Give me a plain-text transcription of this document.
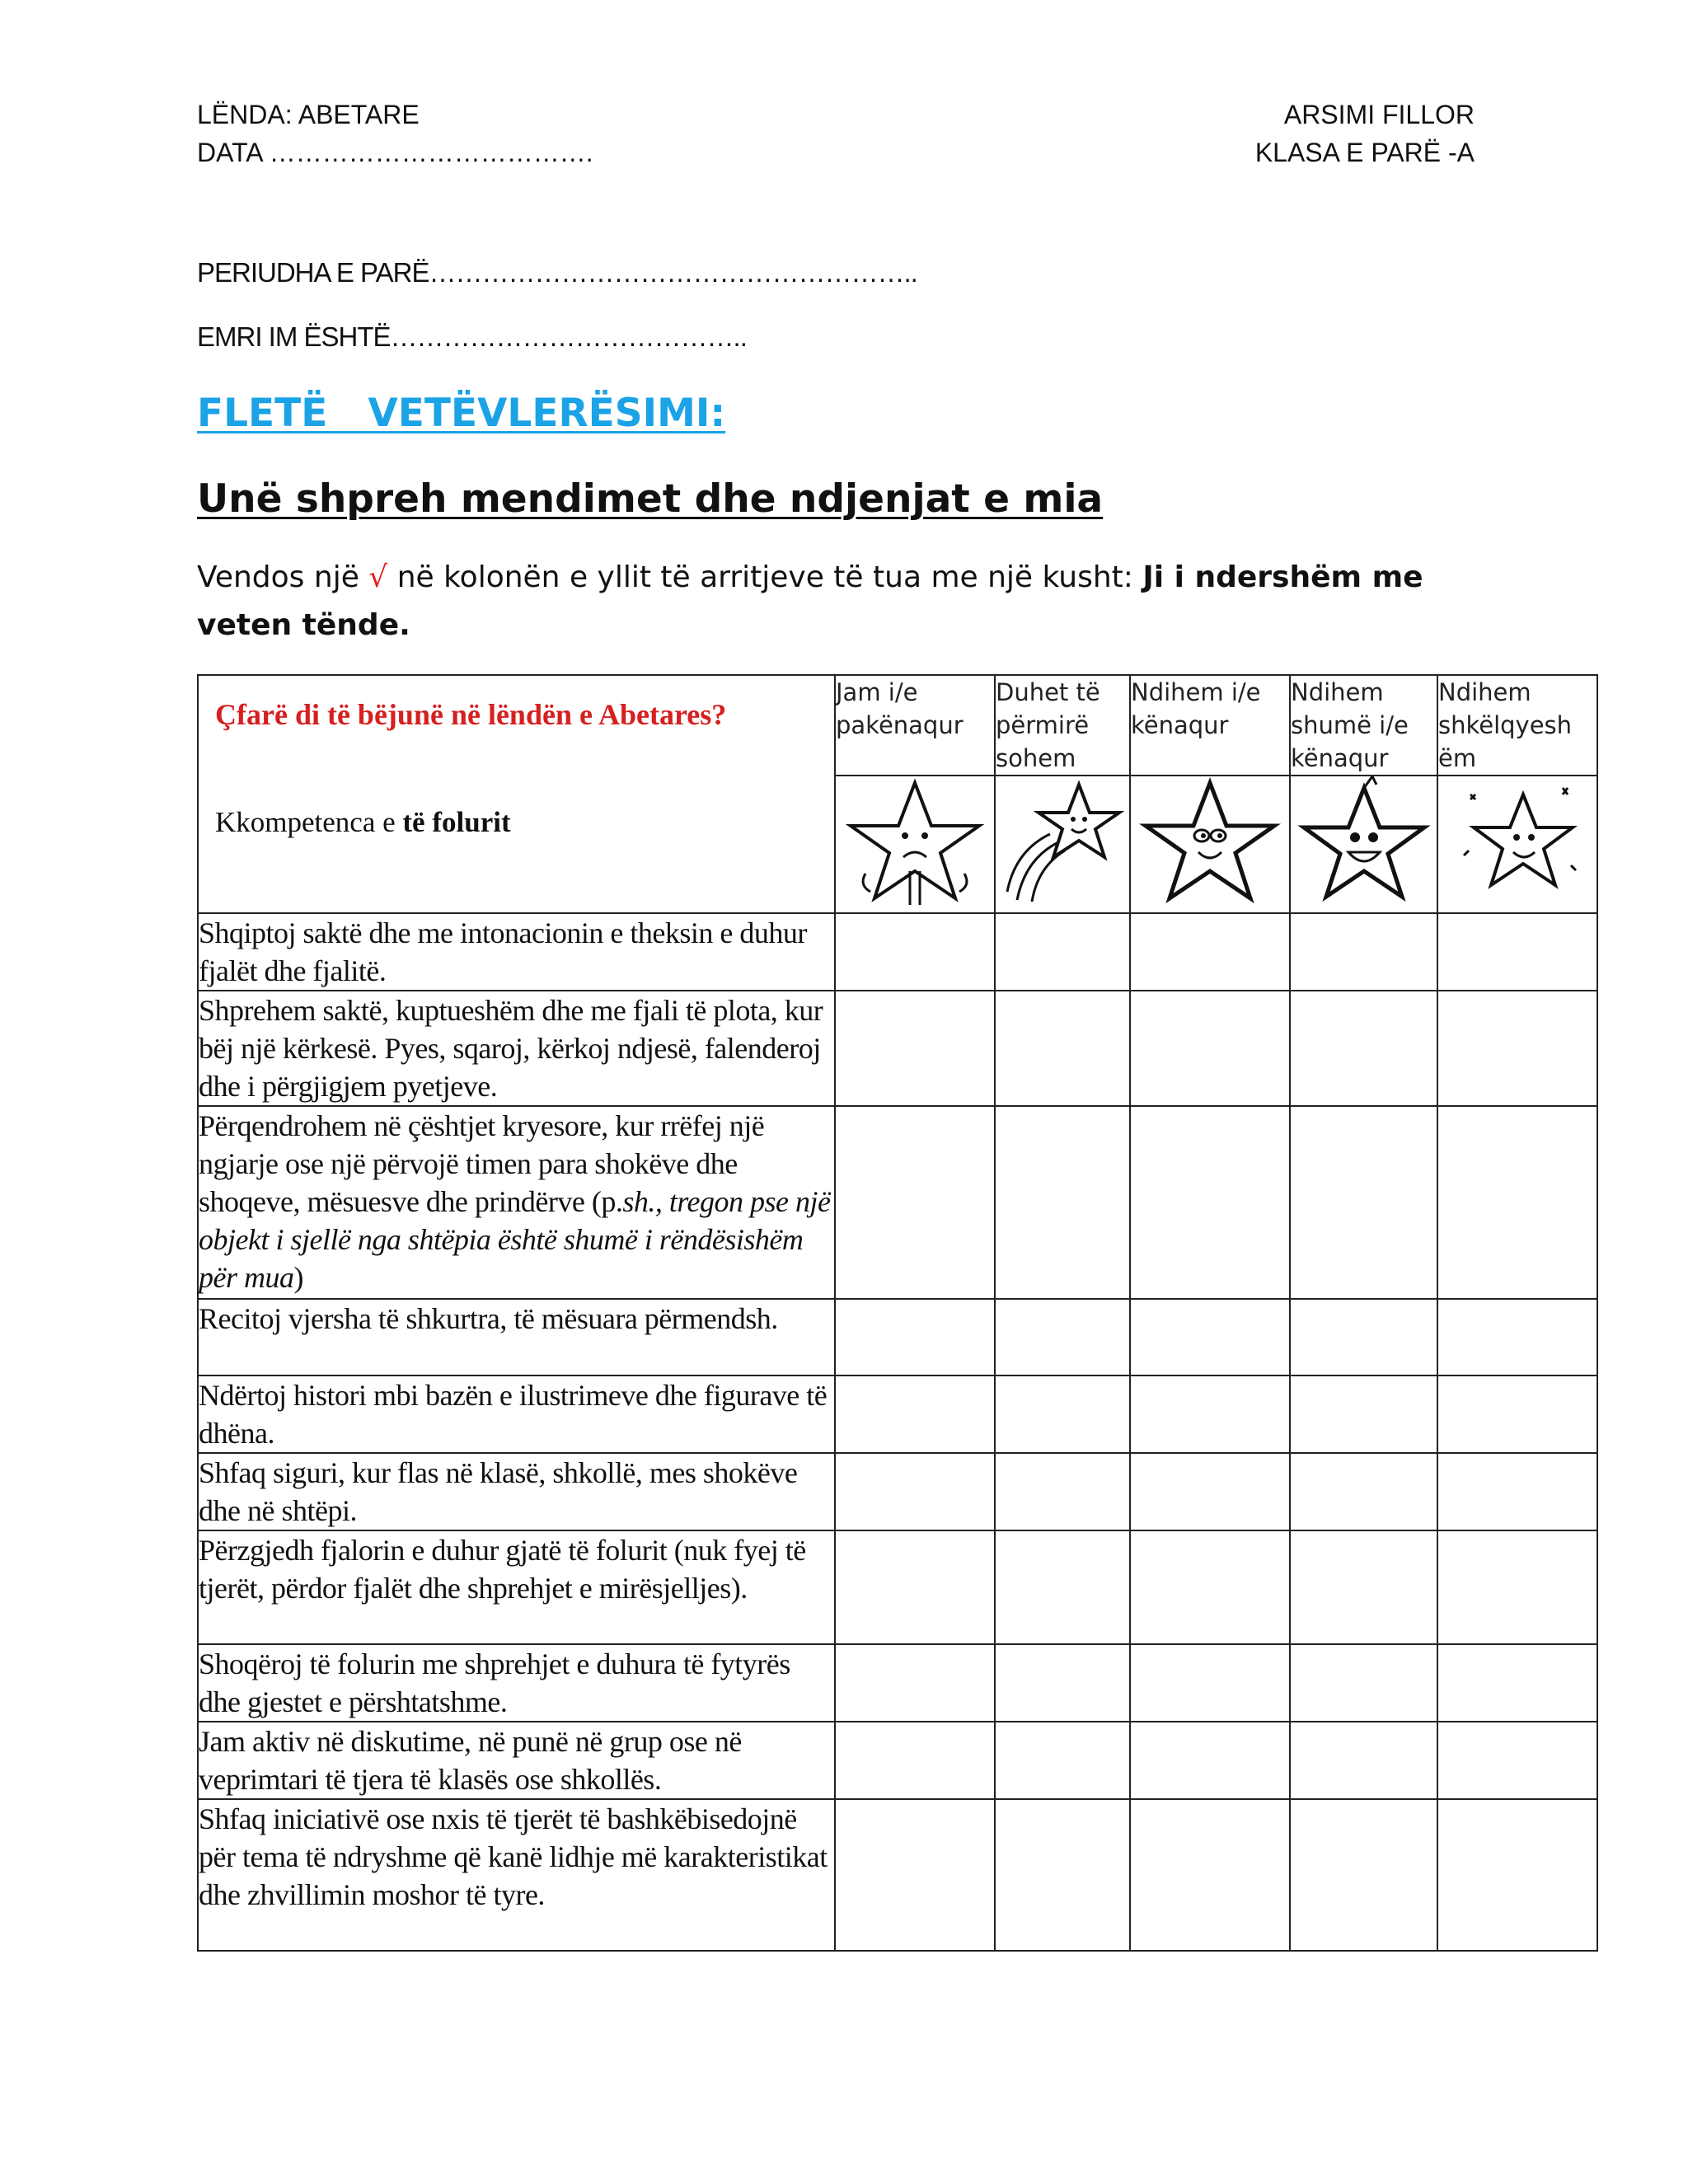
LËNDA: ABETARE
DATA ……………………………….
ARSIMI FILLOR
KLASA E PARË -A
PERIUDHA E PARË………………………………………………..
EMRI IM ËSHTË…………………………………..
FLETË   VETËVLERËSIMI:
Unë shpreh mendimet dhe ndjenjat e mia
Vendos një √ në kolonën e yllit të arritjeve të tua me një kusht: Ji i ndershëm me veten tënde.
Çfarë di të bëjunë në lëndën e Abetares?
Kkompetenca e të folurit	Jam i/e pakënaqur	Duhet të përmirë sohem	Ndihem i/e kënaqur	Ndihem shumë i/e kënaqur	Ndihem shkëlqyesh ëm

Shqiptoj saktë dhe me intonacionin e theksin e duhur fjalët dhe fjalitë.					
Shprehem saktë, kuptueshëm dhe me fjali të plota, kur bëj një kërkesë. Pyes, sqaroj, kërkoj ndjesë, falenderoj dhe i përgjigjem pyetjeve.					
Përqendrohem në çështjet kryesore, kur rrëfej një ngjarje ose një përvojë timen para shokëve dhe shoqeve, mësuesve dhe prindërve (p.sh., tregon pse një objekt i sjellë nga shtëpia është shumë i rëndësishëm për mua)					
Recitoj vjersha të shkurtra, të mësuara përmendsh.					
Ndërtoj histori mbi bazën e ilustrimeve dhe figurave të dhëna.					
Shfaq siguri, kur flas në klasë, shkollë, mes shokëve dhe në shtëpi.					
Përzgjedh fjalorin e duhur gjatë të folurit (nuk fyej të tjerët, përdor fjalët dhe shprehjet e mirësjelljes).					
Shoqëroj të folurin me shprehjet e duhura të fytyrës dhe gjestet e përshtatshme.					
Jam aktiv në diskutime, në punë në grup ose në veprimtari të tjera të klasës ose shkollës.					
Shfaq iniciativë ose nxis të tjerët të bashkëbisedojnë për tema të ndryshme që kanë lidhje më karakteristikat dhe zhvillimin moshor të tyre.					
